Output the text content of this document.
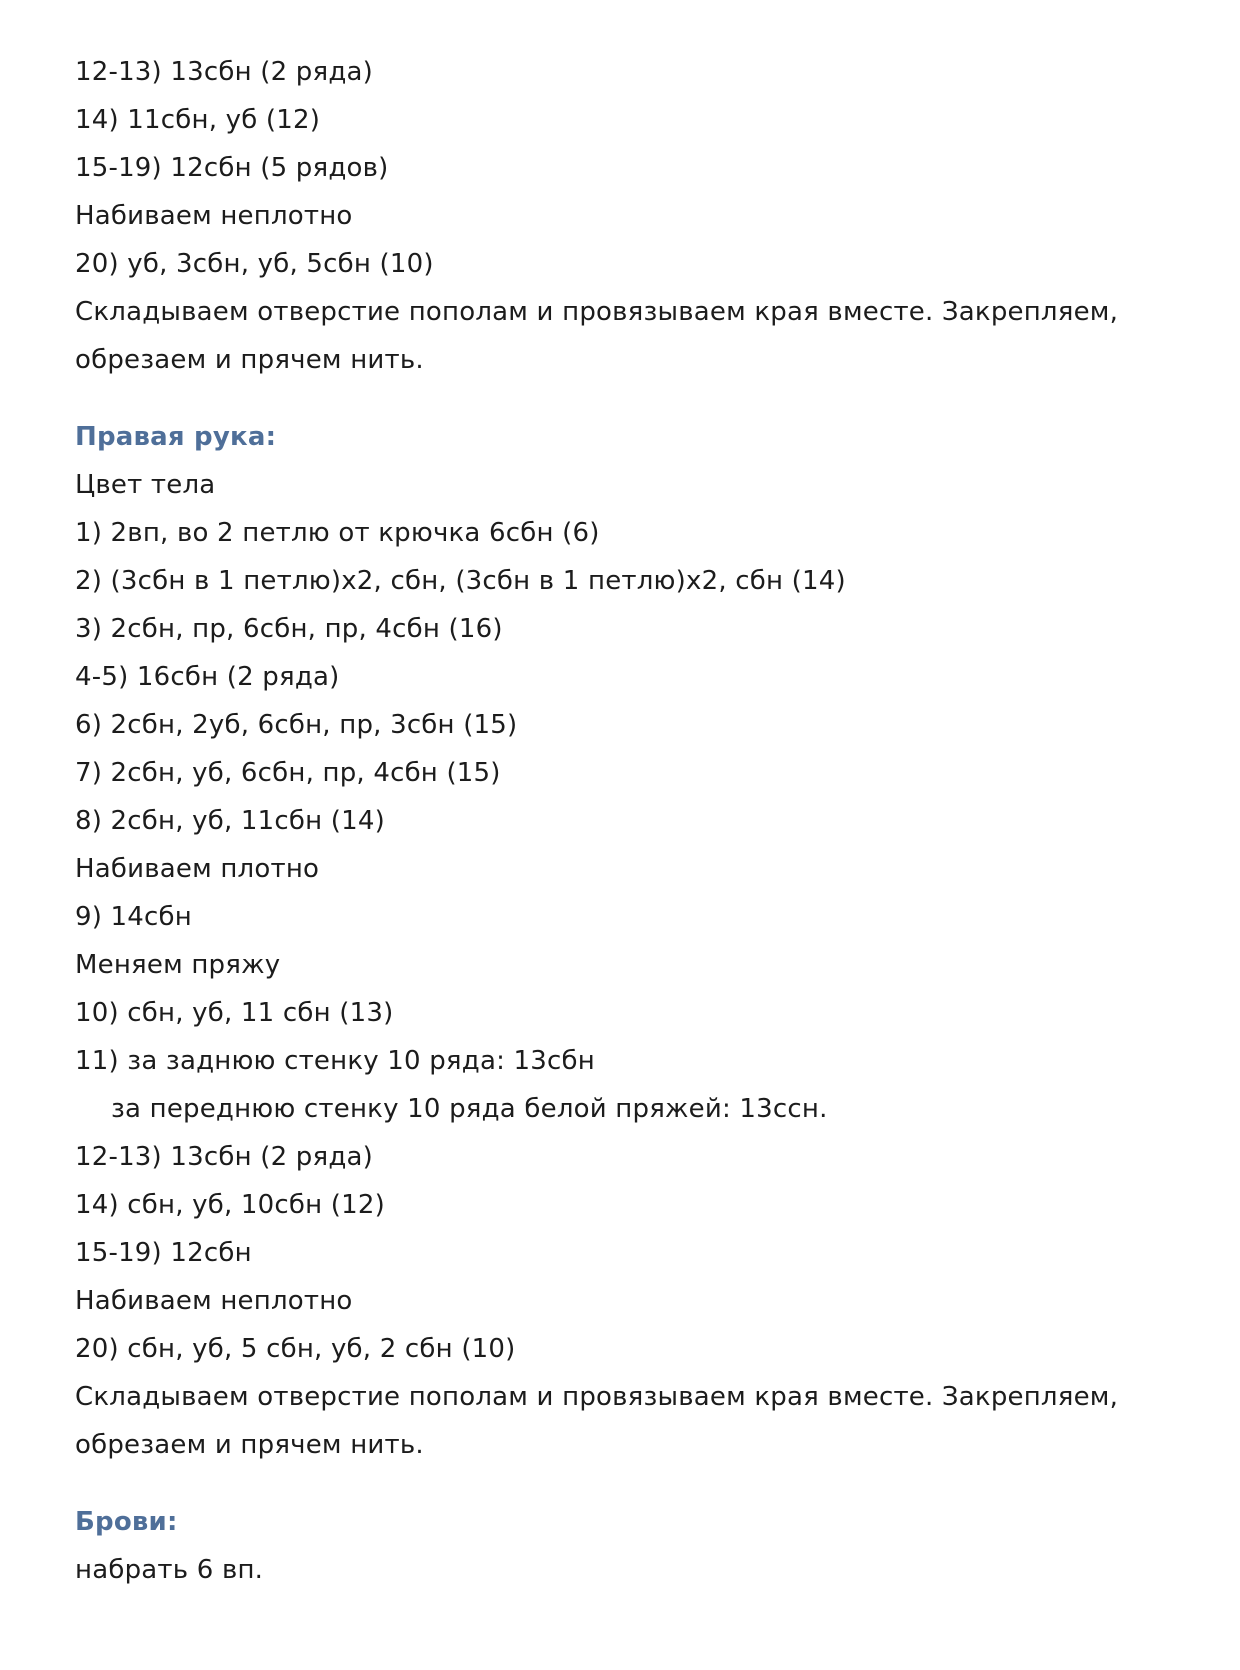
12-13) 13сбн (2 ряда)
14) 11сбн, уб (12)
15-19) 12сбн (5 рядов)
Набиваем неплотно
20) уб, 3сбн, уб, 5сбн (10)
Складываем отверстие пополам и провязываем края вместе. Закрепляем,
обрезаем и прячем нить.
Правая рука:
Цвет тела
1) 2вп, во 2 петлю от крючка 6сбн (6)
2) (3сбн в 1 петлю)х2, сбн, (3сбн в 1 петлю)х2, сбн (14)
3) 2сбн, пр, 6сбн, пр, 4сбн (16)
4-5) 16сбн (2 ряда)
6) 2сбн, 2уб, 6сбн, пр, 3сбн (15)
7) 2сбн, уб, 6сбн, пр, 4сбн (15)
8) 2сбн, уб, 11сбн (14)
Набиваем плотно
9) 14сбн
Меняем пряжу
10) сбн, уб, 11 сбн (13)
11) за заднюю стенку 10 ряда: 13сбн
за переднюю стенку 10 ряда белой пряжей: 13ссн.
12-13) 13сбн (2 ряда)
14) сбн, уб, 10сбн (12)
15-19) 12сбн
Набиваем неплотно
20) сбн, уб, 5 сбн, уб, 2 сбн (10)
Складываем отверстие пополам и провязываем края вместе. Закрепляем,
обрезаем и прячем нить.
Брови:
набрать 6 вп.
